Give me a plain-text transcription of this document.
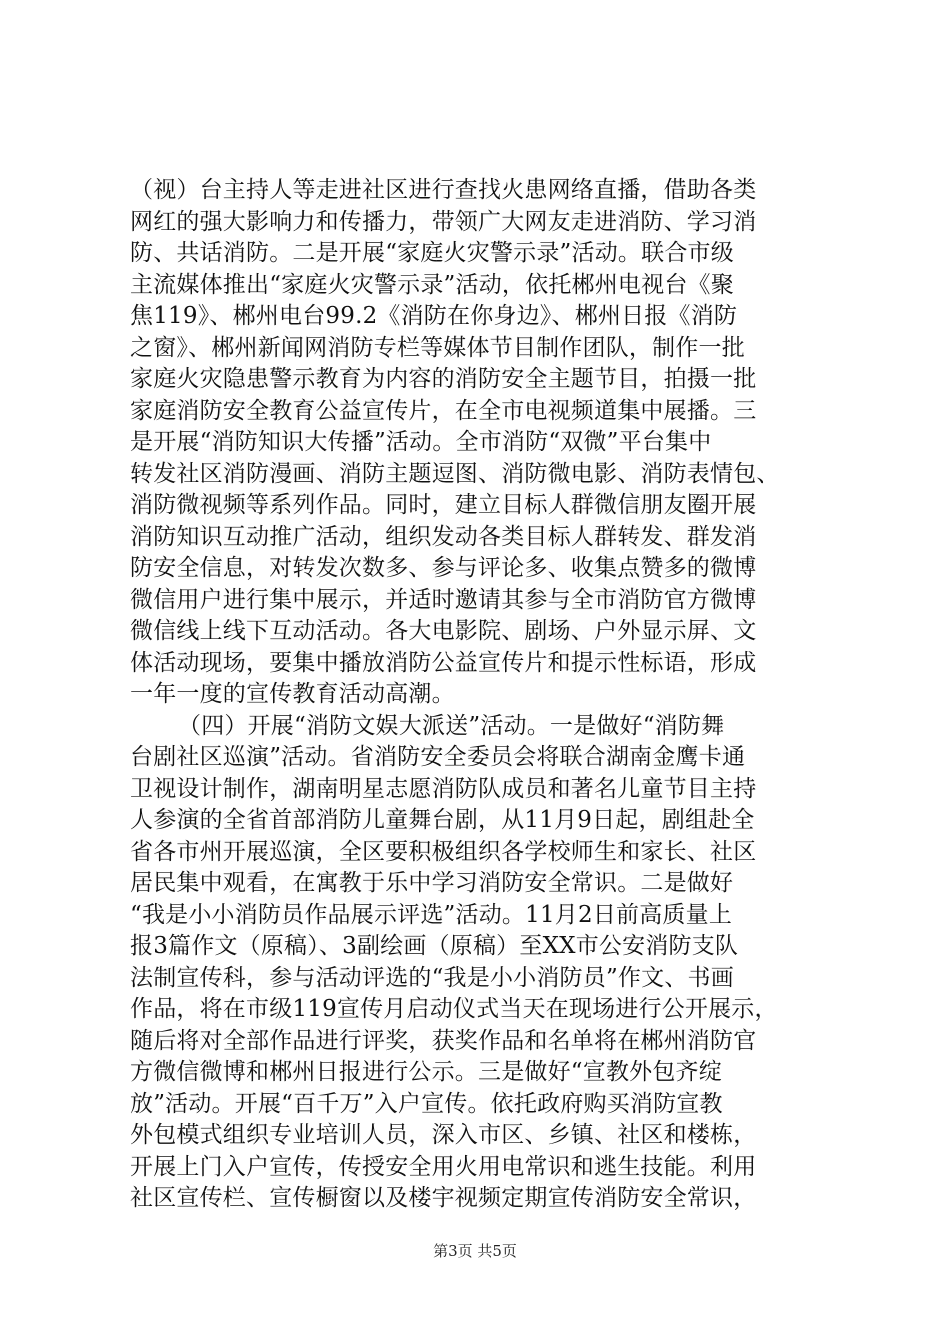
（视）台主持人等走进社区进行查找火患网络直播，借助各类
网红的强大影响力和传播力，带领广大网友走进消防、学习消
防、共话消防。二是开展“家庭火灾警示录”活动。联合市级
主流媒体推出“家庭火灾警示录”活动，依托郴州电视台《聚
焦119》、郴州电台99.2《消防在你身边》、郴州日报《消防
之窗》、郴州新闻网消防专栏等媒体节目制作团队，制作一批
家庭火灾隐患警示教育为内容的消防安全主题节目，拍摄一批
家庭消防安全教育公益宣传片，在全市电视频道集中展播。三
是开展“消防知识大传播”活动。全市消防“双微”平台集中
转发社区消防漫画、消防主题逗图、消防微电影、消防表情包、
消防微视频等系列作品。同时，建立目标人群微信朋友圈开展
消防知识互动推广活动，组织发动各类目标人群转发、群发消
防安全信息，对转发次数多、参与评论多、收集点赞多的微博
微信用户进行集中展示，并适时邀请其参与全市消防官方微博
微信线上线下互动活动。各大电影院、剧场、户外显示屏、文
体活动现场，要集中播放消防公益宣传片和提示性标语，形成
一年一度的宣传教育活动高潮。
（四）开展“消防文娱大派送”活动。一是做好“消防舞
台剧社区巡演”活动。省消防安全委员会将联合湖南金鹰卡通
卫视设计制作，湖南明星志愿消防队成员和著名儿童节目主持
人参演的全省首部消防儿童舞台剧，从11月9日起，剧组赴全
省各市州开展巡演，全区要积极组织各学校师生和家长、社区
居民集中观看，在寓教于乐中学习消防安全常识。二是做好
“我是小小消防员作品展示评选”活动。11月2日前高质量上
报3篇作文（原稿）、3副绘画（原稿）至XX市公安消防支队
法制宣传科，参与活动评选的“我是小小消防员”作文、书画
作品，将在市级119宣传月启动仪式当天在现场进行公开展示，
随后将对全部作品进行评奖，获奖作品和名单将在郴州消防官
方微信微博和郴州日报进行公示。三是做好“宣教外包齐绽
放”活动。开展“百千万”入户宣传。依托政府购买消防宣教
外包模式组织专业培训人员，深入市区、乡镇、社区和楼栋，
开展上门入户宣传，传授安全用火用电常识和逃生技能。利用
社区宣传栏、宣传橱窗以及楼宇视频定期宣传消防安全常识，
第3页 共5页
